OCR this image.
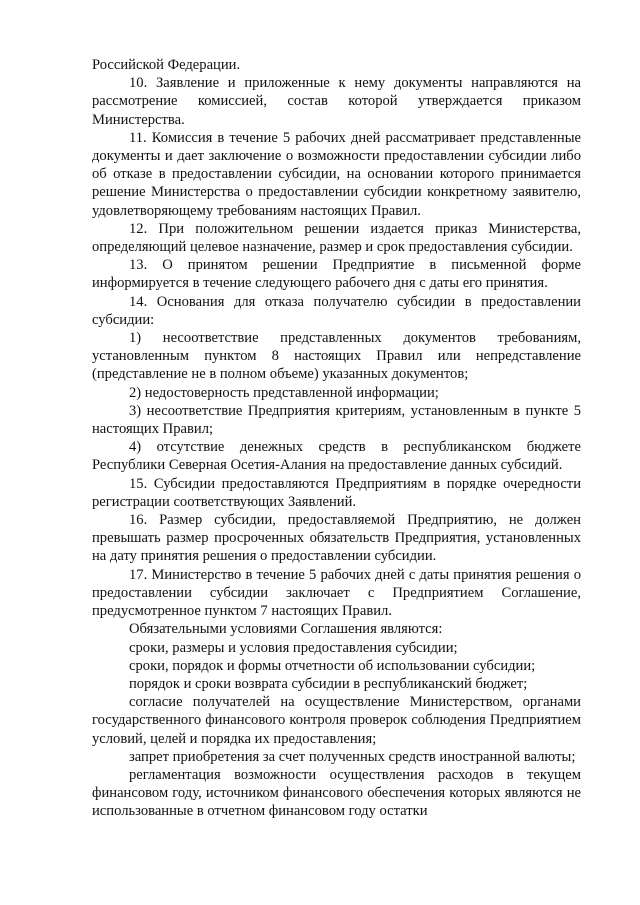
Российской Федерации.

10. Заявление и приложенные к нему документы направляются на рассмотрение комиссией, состав которой утверждается приказом Министерства.

11. Комиссия в течение 5 рабочих дней рассматривает представленные документы и дает заключение о возможности предоставлении субсидии либо об отказе в предоставлении субсидии, на основании которого принимается решение Министерства о предоставлении субсидии конкретному заявителю, удовлетворяющему требованиям настоящих Правил.

12. При положительном решении издается приказ Министерства, определяющий целевое назначение, размер и срок предоставления субсидии.

13. О принятом решении Предприятие в письменной форме информируется в течение следующего рабочего дня с даты его принятия.

14. Основания для отказа получателю субсидии в предоставлении субсидии:

1) несоответствие представленных документов требованиям, установленным пунктом 8 настоящих Правил или непредставление (представление не в полном объеме) указанных документов;

2) недостоверность представленной информации;

3) несоответствие Предприятия критериям, установленным в пункте 5 настоящих Правил;

4) отсутствие денежных средств в республиканском бюджете Республики Северная Осетия-Алания на предоставление данных субсидий.

15. Субсидии предоставляются Предприятиям в порядке очередности регистрации соответствующих Заявлений.

16. Размер субсидии, предоставляемой Предприятию, не должен превышать размер просроченных обязательств Предприятия, установленных на дату принятия решения о предоставлении субсидии.

17. Министерство в течение 5 рабочих дней с даты принятия решения о предоставлении субсидии заключает с Предприятием Соглашение, предусмотренное пунктом 7 настоящих Правил.

Обязательными условиями Соглашения являются:

сроки, размеры и условия предоставления субсидии;

сроки, порядок и формы отчетности об использовании субсидии;

порядок и сроки возврата субсидии в республиканский бюджет;

согласие получателей на осуществление Министерством, органами государственного финансового контроля проверок соблюдения Предприятием условий, целей и порядка их предоставления;

запрет приобретения за счет полученных средств иностранной валюты;

регламентация возможности осуществления расходов в текущем финансовом году, источником финансового обеспечения которых являются не использованные в отчетном финансовом году остатки
